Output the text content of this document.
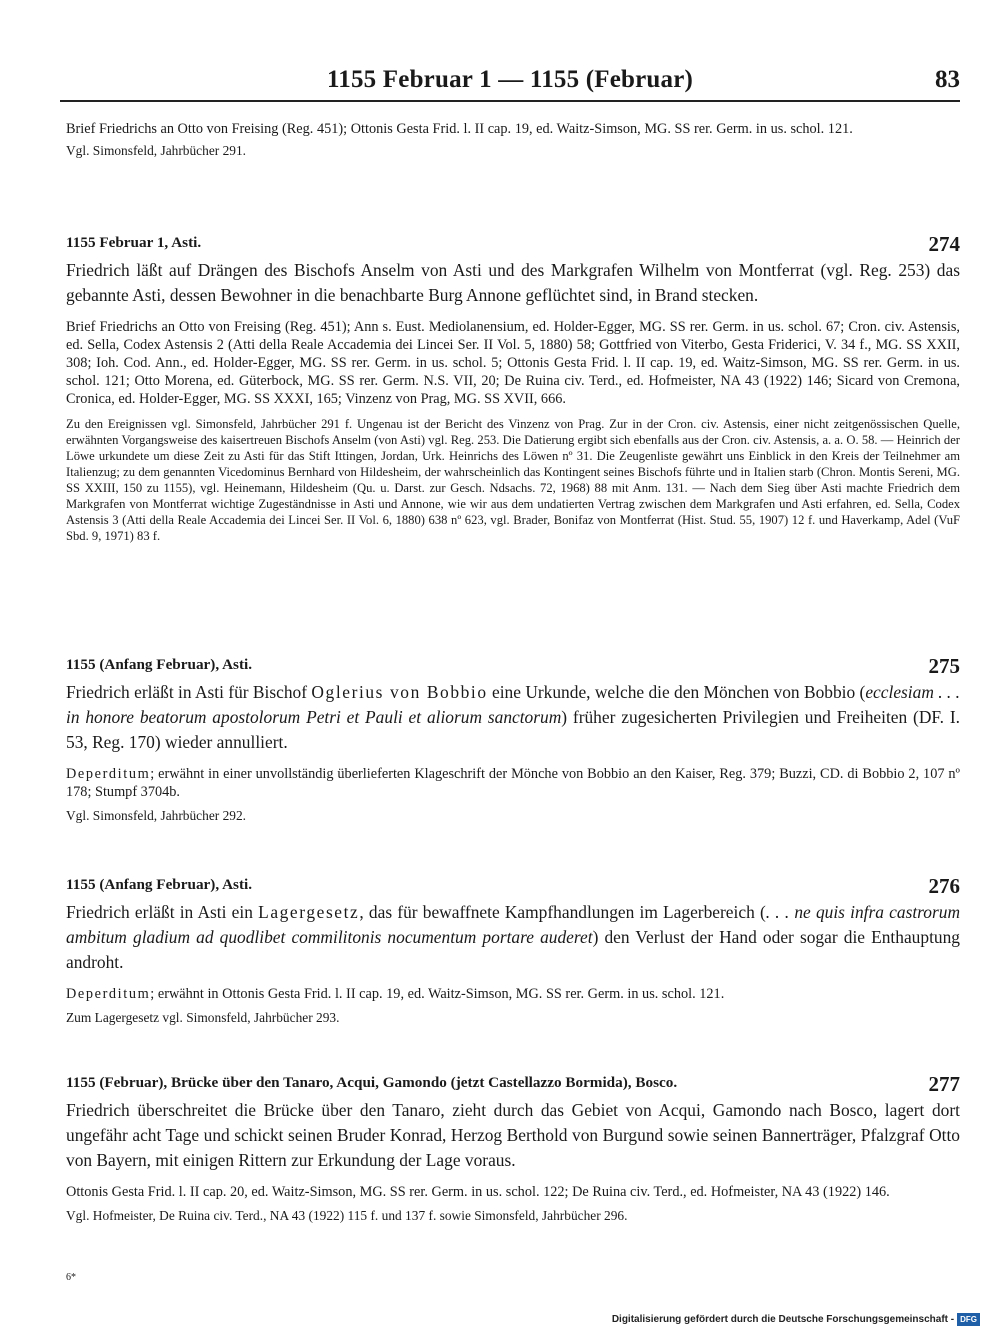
1155 Februar 1 — 1155 (Februar)	83

Brief Friedrichs an Otto von Freising (Reg. 451); Ottonis Gesta Frid. l. II cap. 19, ed. Waitz-Simson, MG. SS rer. Germ. in us. schol. 121.

Vgl. Simonsfeld, Jahrbücher 291.

1155 Februar 1, Asti.	274

Friedrich läßt auf Drängen des Bischofs Anselm von Asti und des Markgrafen Wilhelm von Montferrat (vgl. Reg. 253) das gebannte Asti, dessen Bewohner in die benachbarte Burg Annone geflüchtet sind, in Brand stecken.

Brief Friedrichs an Otto von Freising (Reg. 451); Ann s. Eust. Mediolanensium, ed. Holder-Egger, MG. SS rer. Germ. in us. schol. 67; Cron. civ. Astensis, ed. Sella, Codex Astensis 2 (Atti della Reale Accademia dei Lincei Ser. II Vol. 5, 1880) 58; Gottfried von Viterbo, Gesta Friderici, V. 34 f., MG. SS XXII, 308; Ioh. Cod. Ann., ed. Holder-Egger, MG. SS rer. Germ. in us. schol. 5; Ottonis Gesta Frid. l. II cap. 19, ed. Waitz-Simson, MG. SS rer. Germ. in us. schol. 121; Otto Morena, ed. Güterbock, MG. SS rer. Germ. N.S. VII, 20; De Ruina civ. Terd., ed. Hofmeister, NA 43 (1922) 146; Sicard von Cremona, Cronica, ed. Holder-Egger, MG. SS XXXI, 165; Vinzenz von Prag, MG. SS XVII, 666.

Zu den Ereignissen vgl. Simonsfeld, Jahrbücher 291 f. Ungenau ist der Bericht des Vinzenz von Prag. Zur in der Cron. civ. Astensis, einer nicht zeitgenössischen Quelle, erwähnten Vorgangsweise des kaisertreuen Bischofs Anselm (von Asti) vgl. Reg. 253. Die Datierung ergibt sich ebenfalls aus der Cron. civ. Astensis, a. a. O. 58. — Heinrich der Löwe urkundete um diese Zeit zu Asti für das Stift Ittingen, Jordan, Urk. Heinrichs des Löwen nº 31. Die Zeugenliste gewährt uns Einblick in den Kreis der Teilnehmer am Italienzug; zu dem genannten Vicedominus Bernhard von Hildesheim, der wahrscheinlich das Kontingent seines Bischofs führte und in Italien starb (Chron. Montis Sereni, MG. SS XXIII, 150 zu 1155), vgl. Heinemann, Hildesheim (Qu. u. Darst. zur Gesch. Ndsachs. 72, 1968) 88 mit Anm. 131. — Nach dem Sieg über Asti machte Friedrich dem Markgrafen von Montferrat wichtige Zugeständnisse in Asti und Annone, wie wir aus dem undatierten Vertrag zwischen dem Markgrafen und Asti erfahren, ed. Sella, Codex Astensis 3 (Atti della Reale Accademia dei Lincei Ser. II Vol. 6, 1880) 638 nº 623, vgl. Brader, Bonifaz von Montferrat (Hist. Stud. 55, 1907) 12 f. und Haverkamp, Adel (VuF Sbd. 9, 1971) 83 f.

1155 (Anfang Februar), Asti.	275

Friedrich erläßt in Asti für Bischof Oglerius von Bobbio eine Urkunde, welche die den Mönchen von Bobbio (ecclesiam . . . in honore beatorum apostolorum Petri et Pauli et aliorum sanctorum) früher zugesicherten Privilegien und Freiheiten (DF. I. 53, Reg. 170) wieder annulliert.

Deperditum; erwähnt in einer unvollständig überlieferten Klageschrift der Mönche von Bobbio an den Kaiser, Reg. 379; Buzzi, CD. di Bobbio 2, 107 nº 178; Stumpf 3704b.

Vgl. Simonsfeld, Jahrbücher 292.

1155 (Anfang Februar), Asti.	276

Friedrich erläßt in Asti ein Lagergesetz, das für bewaffnete Kampfhandlungen im Lagerbereich (. . . ne quis infra castrorum ambitum gladium ad quodlibet commilitonis nocumentum portare auderet) den Verlust der Hand oder sogar die Enthauptung androht.

Deperditum; erwähnt in Ottonis Gesta Frid. l. II cap. 19, ed. Waitz-Simson, MG. SS rer. Germ. in us. schol. 121.

Zum Lagergesetz vgl. Simonsfeld, Jahrbücher 293.

1155 (Februar), Brücke über den Tanaro, Acqui, Gamondo (jetzt Castellazzo Bormida), Bosco.	277

Friedrich überschreitet die Brücke über den Tanaro, zieht durch das Gebiet von Acqui, Gamondo nach Bosco, lagert dort ungefähr acht Tage und schickt seinen Bruder Konrad, Herzog Berthold von Burgund sowie seinen Bannerträger, Pfalzgraf Otto von Bayern, mit einigen Rittern zur Erkundung der Lage voraus.

Ottonis Gesta Frid. l. II cap. 20, ed. Waitz-Simson, MG. SS rer. Germ. in us. schol. 122; De Ruina civ. Terd., ed. Hofmeister, NA 43 (1922) 146.

Vgl. Hofmeister, De Ruina civ. Terd., NA 43 (1922) 115 f. und 137 f. sowie Simonsfeld, Jahrbücher 296.

6*
Digitalisierung gefördert durch die Deutsche Forschungsgemeinschaft - DFG
